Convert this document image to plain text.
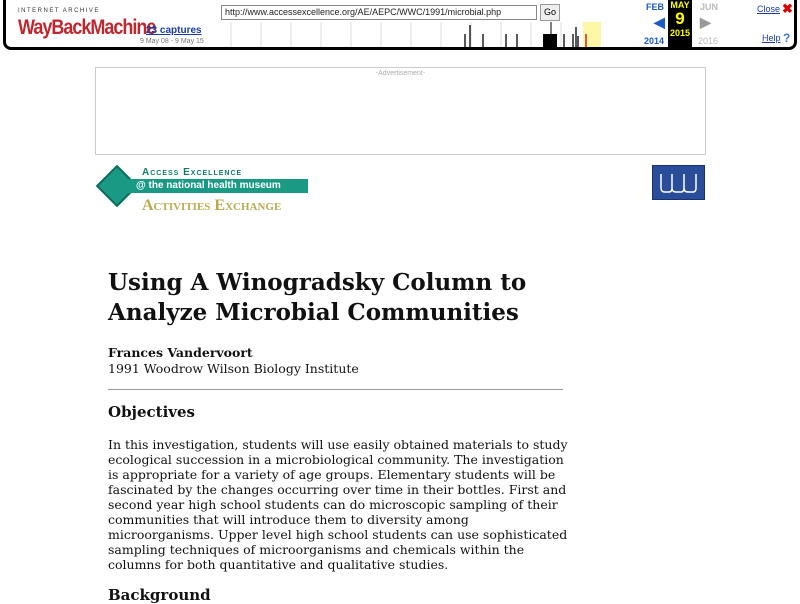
INTERNET ARCHIVE
WayBackMachine
23 captures
9 May 08 - 9 May 15
http://www.accessexcellence.org/AE/AEPC/WWC/1991/microbial.php	Go	FEB
◀
2014
MAY
9
2015
JUN
▶
2016
Close ✖
Help ?
-Advertisement-
Access Excellence
@ the national health museum
Activities Exchange
Using A Winogradsky Column to Analyze Microbial Communities
Frances Vandervoort
1991 Woodrow Wilson Biology Institute
Objectives

In this investigation, students will use easily obtained materials to study ecological succession in a microbiological community. The investigation is appropriate for a variety of age groups. Elementary students will be fascinated by the changes occurring over time in their bottles. First and second year high school students can do microscopic sampling of their communities that will introduce them to diversity among microorganisms. Upper level high school students can use sophisticated sampling techniques of microorganisms and chemicals within the columns for both quantitative and qualitative studies.

Background
